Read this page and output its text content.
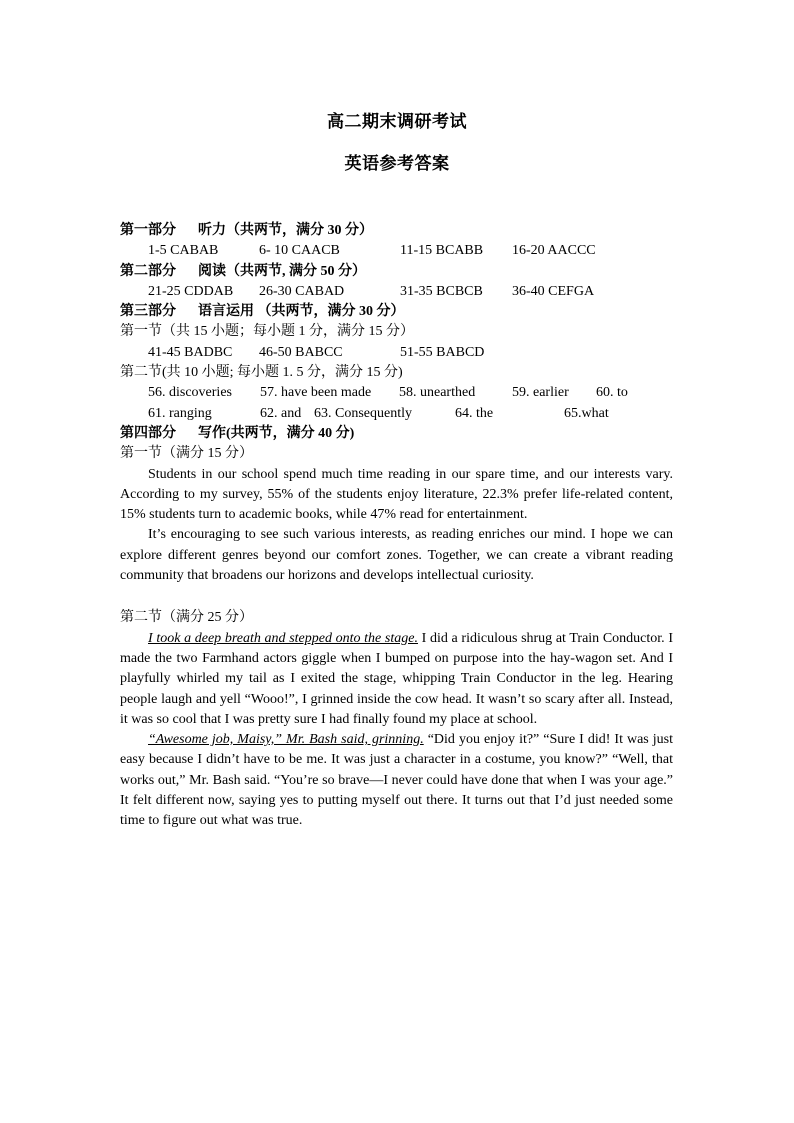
高二期末调研考试
英语参考答案
第一部分 听力（共两节，满分 30 分）
1-5 CABAB	6- 10 CAACB	11-15 BCABB 16-20 AACCC
第二部分 阅读（共两节, 满分 50 分）
21-25 CDDAB 26-30 CABAD	31-35 BCBCB 36-40 CEFGA
第三部分 语言运用 （共两节，满分 30 分）
第一节（共 15 小题；每小题 1 分，满分 15 分）
41-45 BADBC 46-50 BABCC	51-55 BABCD
第二节(共 10 小题; 每小题 1. 5 分，满分 15 分)
56. discoveries 57. have been made 58. unearthed	59. earlier 60. to
61. ranging	62. and 63. Consequently	64. the	65.what
第四部分 写作(共两节，满分 40 分)
第一节（满分 15 分）

Students in our school spend much time reading in our spare time, and our interests vary. According to my survey, 55% of the students enjoy literature, 22.3% prefer life-related content, 15% students turn to academic books, while 47% read for entertainment.

It’s encouraging to see such various interests, as reading enriches our mind. I hope we can explore different genres beyond our comfort zones. Together, we can create a vibrant reading community that broadens our horizons and develops intellectual curiosity.

第二节（满分 25 分）

I took a deep breath and stepped onto the stage. I did a ridiculous shrug at Train Conductor. I made the two Farmhand actors giggle when I bumped on purpose into the hay-wagon set. And I playfully whirled my tail as I exited the stage, whipping Train Conductor in the leg. Hearing people laugh and yell “Wooo!”, I grinned inside the cow head. It wasn’t so scary after all. Instead, it was so cool that I was pretty sure I had finally found my place at school.

“Awesome job, Maisy,” Mr. Bash said, grinning. “Did you enjoy it?” “Sure I did! It was just easy because I didn’t have to be me. It was just a character in a costume, you know?” “Well, that works out,” Mr. Bash said. “You’re so brave—I never could have done that when I was your age.” It felt different now, saying yes to putting myself out there. It turns out that I’d just needed some time to figure out what was true.
